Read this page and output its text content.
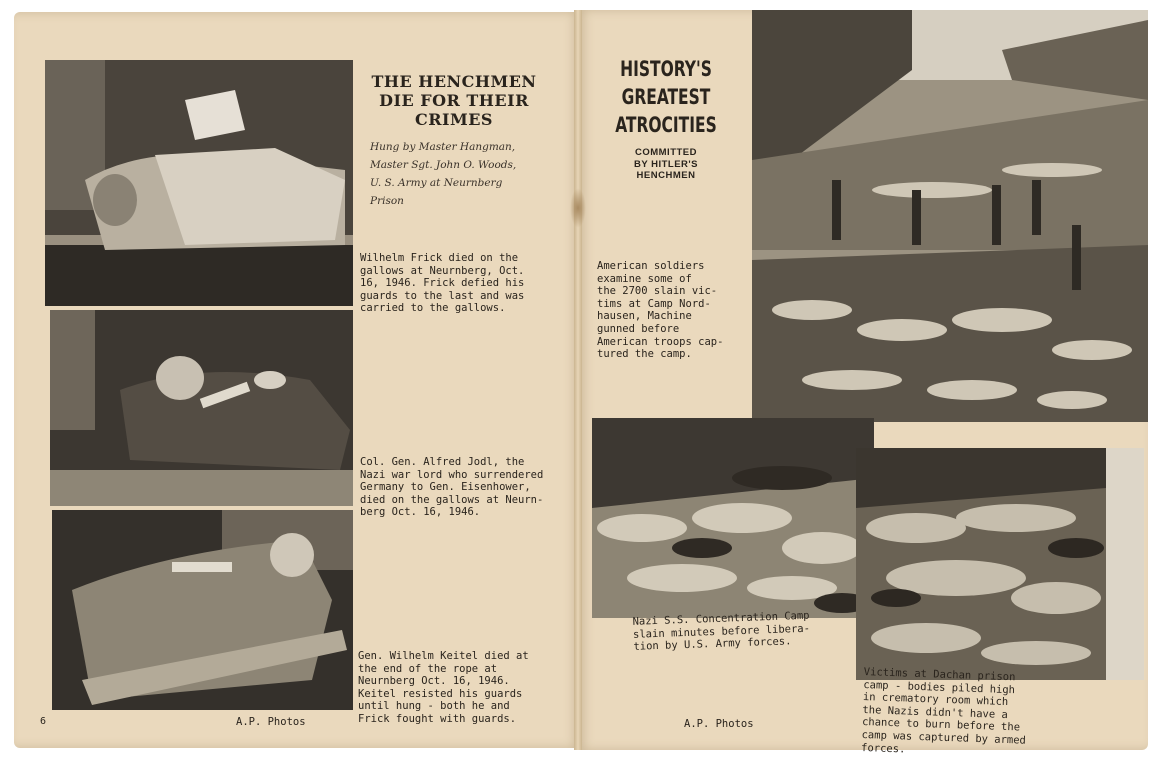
THE HENCHMEN
DIE FOR THEIR
CRIMES
Hung by Master Hangman,
Master Sgt. John O. Woods,
U. S. Army at Neurnberg
Prison

Wilhelm Frick died on the
gallows at Neurnberg, Oct.
16, 1946. Frick defied his
guards to the last and was
carried to the gallows.

Col. Gen. Alfred Jodl, the
Nazi war lord who surrendered
Germany to Gen. Eisenhower,
died on the gallows at Neurn-
berg Oct. 16, 1946.

Gen. Wilhelm Keitel died at
the end of the rope at
Neurnberg Oct. 16, 1946.
Keitel resisted his guards
until hung - both he and
Frick fought with guards.

A.P. Photos
6
HISTORY'S
GREATEST
ATROCITIES
COMMITTED
BY HITLER'S
HENCHMEN

American soldiers
examine some of
the 2700 slain vic-
tims at Camp Nord-
hausen, Machine
gunned before
American troops cap-
tured the camp.

Nazi S.S. Concentration Camp
slain minutes before libera-
tion by U.S. Army forces.

Victims at Dachan prison
camp - bodies piled high
in crematory room which
the Nazis didn't have a
chance to burn before the
camp was captured by armed
forces.

A.P. Photos
